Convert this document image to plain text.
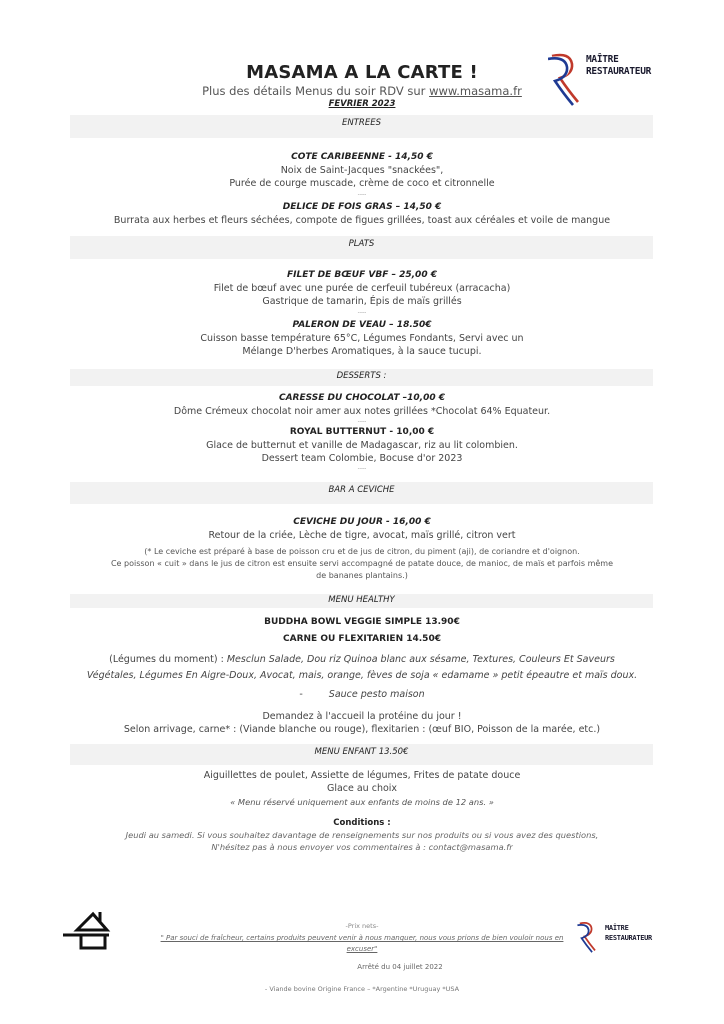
MASAMA A LA CARTE !
Plus des détails Menus du soir RDV sur www.masama.fr
FEVRIER 2023
MAÎTRE
RESTAURATEUR
ENTREES
COTE CARIBEENNE - 14,50 €
Noix de Saint-Jacques "snackées",
Purée de courge muscade, crème de coco et citronnelle
----
DELICE DE FOIS GRAS – 14,50 €
Burrata aux herbes et fleurs séchées, compote de figues grillées, toast aux céréales et voile de mangue
PLATS
FILET DE BŒUF VBF – 25,00 €
Filet de bœuf avec une purée de cerfeuil tubéreux (arracacha)
Gastrique de tamarin, Épis de maïs grillés
----
PALERON DE VEAU – 18.50€
Cuisson basse température 65°C, Légumes Fondants, Servi avec un
Mélange D'herbes Aromatiques, à la sauce tucupi.
DESSERTS :
CARESSE DU CHOCOLAT –10,00 €
Dôme Crémeux chocolat noir amer aux notes grillées *Chocolat 64% Equateur.
----
ROYAL BUTTERNUT - 10,00 €
Glace de butternut et vanille de Madagascar, riz au lit colombien.
Dessert team Colombie, Bocuse d'or 2023
----
BAR A CEVICHE
CEVICHE DU JOUR - 16,00 €
Retour de la criée, Lèche de tigre, avocat, maïs grillé, citron vert
(* Le ceviche est préparé à base de poisson cru et de jus de citron, du piment (aji), de coriandre et d'oignon.
Ce poisson « cuit » dans le jus de citron est ensuite servi accompagné de patate douce, de manioc, de maïs et parfois même
de bananes plantains.)
MENU HEALTHY
BUDDHA BOWL VEGGIE SIMPLE 13.90€
CARNE OU FLEXITARIEN 14.50€
(Légumes du moment) : Mesclun Salade, Dou riz Quinoa blanc aux sésame, Textures, Couleurs Et Saveurs
Végétales, Légumes En Aigre-Doux, Avocat, mais, orange, fèves de soja « edamame » petit épeautre et maïs doux.
-	Sauce pesto maison
Demandez à l'accueil la protéine du jour !
Selon arrivage, carne* : (Viande blanche ou rouge), flexitarien : (œuf BIO, Poisson de la marée, etc.)
MENU ENFANT 13.50€
Aiguillettes de poulet, Assiette de légumes, Frites de patate douce
Glace au choix
« Menu réservé uniquement aux enfants de moins de 12 ans. »
Conditions :
Jeudi au samedi. Si vous souhaitez davantage de renseignements sur nos produits ou si vous avez des questions,
N'hésitez pas à nous envoyer vos commentaires à : contact@masama.fr
-Prix nets-
" Par souci de fraîcheur, certains produits peuvent venir à nous manquer, nous vous prions de bien vouloir nous en
excuser"
Arrêté du 04 juillet 2022
- Viande bovine Origine France – *Argentine *Uruguay *USA
MAÎTRE
RESTAURATEUR
